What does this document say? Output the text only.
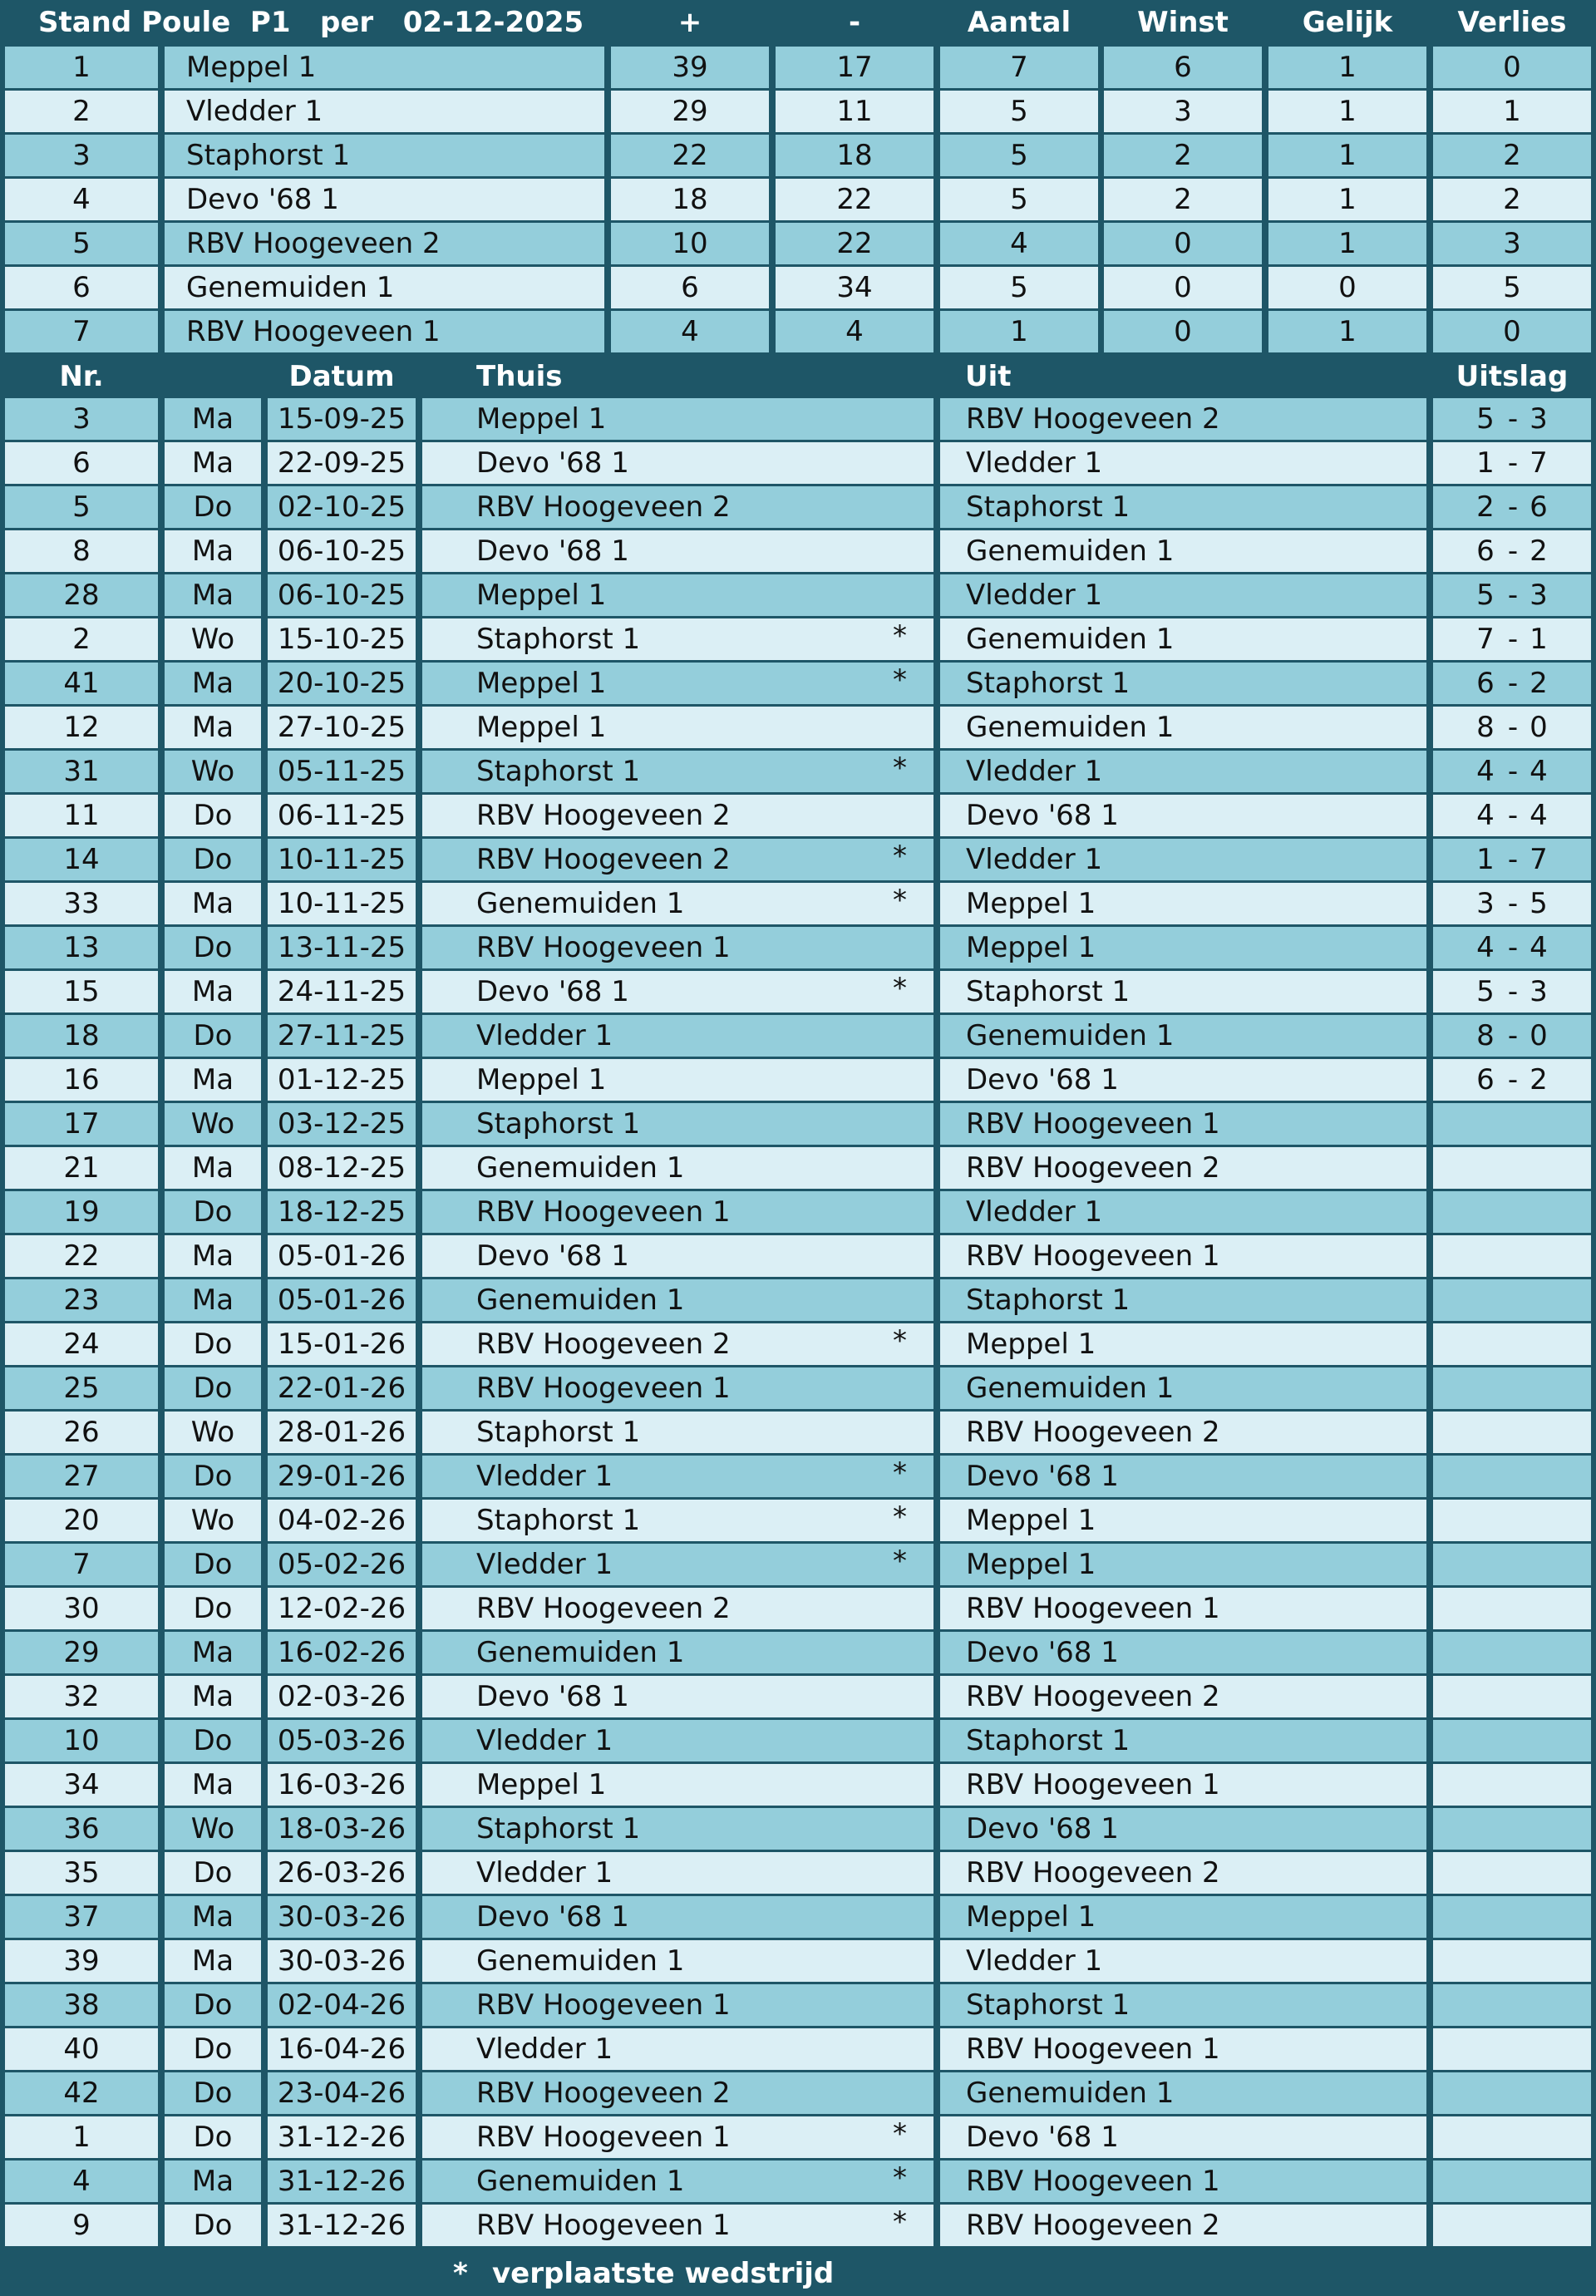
Stand Poule  P1   per   02-12-2025	+	-	Aantal	Winst	Gelijk	Verlies
1	Meppel 1	39	17	7	6	1	0
2	Vledder 1	29	11	5	3	1	1
3	Staphorst 1	22	18	5	2	1	2
4	Devo '68 1	18	22	5	2	1	2
5	RBV Hoogeveen 2	10	22	4	0	1	3
6	Genemuiden 1	6	34	5	0	0	5
7	RBV Hoogeveen 1	4	4	1	0	1	0
Nr.	Datum	Thuis	Uit	Uitslag
3	Ma	15-09-25	Meppel 1	RBV Hoogeveen 2	5 - 3
6	Ma	22-09-25	Devo '68 1	Vledder 1	1 - 7
5	Do	02-10-25	RBV Hoogeveen 2	Staphorst 1	2 - 6
8	Ma	06-10-25	Devo '68 1	Genemuiden 1	6 - 2
28	Ma	06-10-25	Meppel 1	Vledder 1	5 - 3
2	Wo	15-10-25	Staphorst 1	*	Genemuiden 1	7 - 1
41	Ma	20-10-25	Meppel 1	*	Staphorst 1	6 - 2
12	Ma	27-10-25	Meppel 1	Genemuiden 1	8 - 0
31	Wo	05-11-25	Staphorst 1	*	Vledder 1	4 - 4
11	Do	06-11-25	RBV Hoogeveen 2	Devo '68 1	4 - 4
14	Do	10-11-25	RBV Hoogeveen 2	*	Vledder 1	1 - 7
33	Ma	10-11-25	Genemuiden 1	*	Meppel 1	3 - 5
13	Do	13-11-25	RBV Hoogeveen 1	Meppel 1	4 - 4
15	Ma	24-11-25	Devo '68 1	*	Staphorst 1	5 - 3
18	Do	27-11-25	Vledder 1	Genemuiden 1	8 - 0
16	Ma	01-12-25	Meppel 1	Devo '68 1	6 - 2
17	Wo	03-12-25	Staphorst 1	RBV Hoogeveen 1
21	Ma	08-12-25	Genemuiden 1	RBV Hoogeveen 2
19	Do	18-12-25	RBV Hoogeveen 1	Vledder 1
22	Ma	05-01-26	Devo '68 1	RBV Hoogeveen 1
23	Ma	05-01-26	Genemuiden 1	Staphorst 1
24	Do	15-01-26	RBV Hoogeveen 2	*	Meppel 1
25	Do	22-01-26	RBV Hoogeveen 1	Genemuiden 1
26	Wo	28-01-26	Staphorst 1	RBV Hoogeveen 2
27	Do	29-01-26	Vledder 1	*	Devo '68 1
20	Wo	04-02-26	Staphorst 1	*	Meppel 1
7	Do	05-02-26	Vledder 1	*	Meppel 1
30	Do	12-02-26	RBV Hoogeveen 2	RBV Hoogeveen 1
29	Ma	16-02-26	Genemuiden 1	Devo '68 1
32	Ma	02-03-26	Devo '68 1	RBV Hoogeveen 2
10	Do	05-03-26	Vledder 1	Staphorst 1
34	Ma	16-03-26	Meppel 1	RBV Hoogeveen 1
36	Wo	18-03-26	Staphorst 1	Devo '68 1
35	Do	26-03-26	Vledder 1	RBV Hoogeveen 2
37	Ma	30-03-26	Devo '68 1	Meppel 1
39	Ma	30-03-26	Genemuiden 1	Vledder 1
38	Do	02-04-26	RBV Hoogeveen 1	Staphorst 1
40	Do	16-04-26	Vledder 1	RBV Hoogeveen 1
42	Do	23-04-26	RBV Hoogeveen 2	Genemuiden 1
1	Do	31-12-26	RBV Hoogeveen 1	*	Devo '68 1
4	Ma	31-12-26	Genemuiden 1	*	RBV Hoogeveen 1
9	Do	31-12-26	RBV Hoogeveen 1	*	RBV Hoogeveen 2
* verplaatste wedstrijd
